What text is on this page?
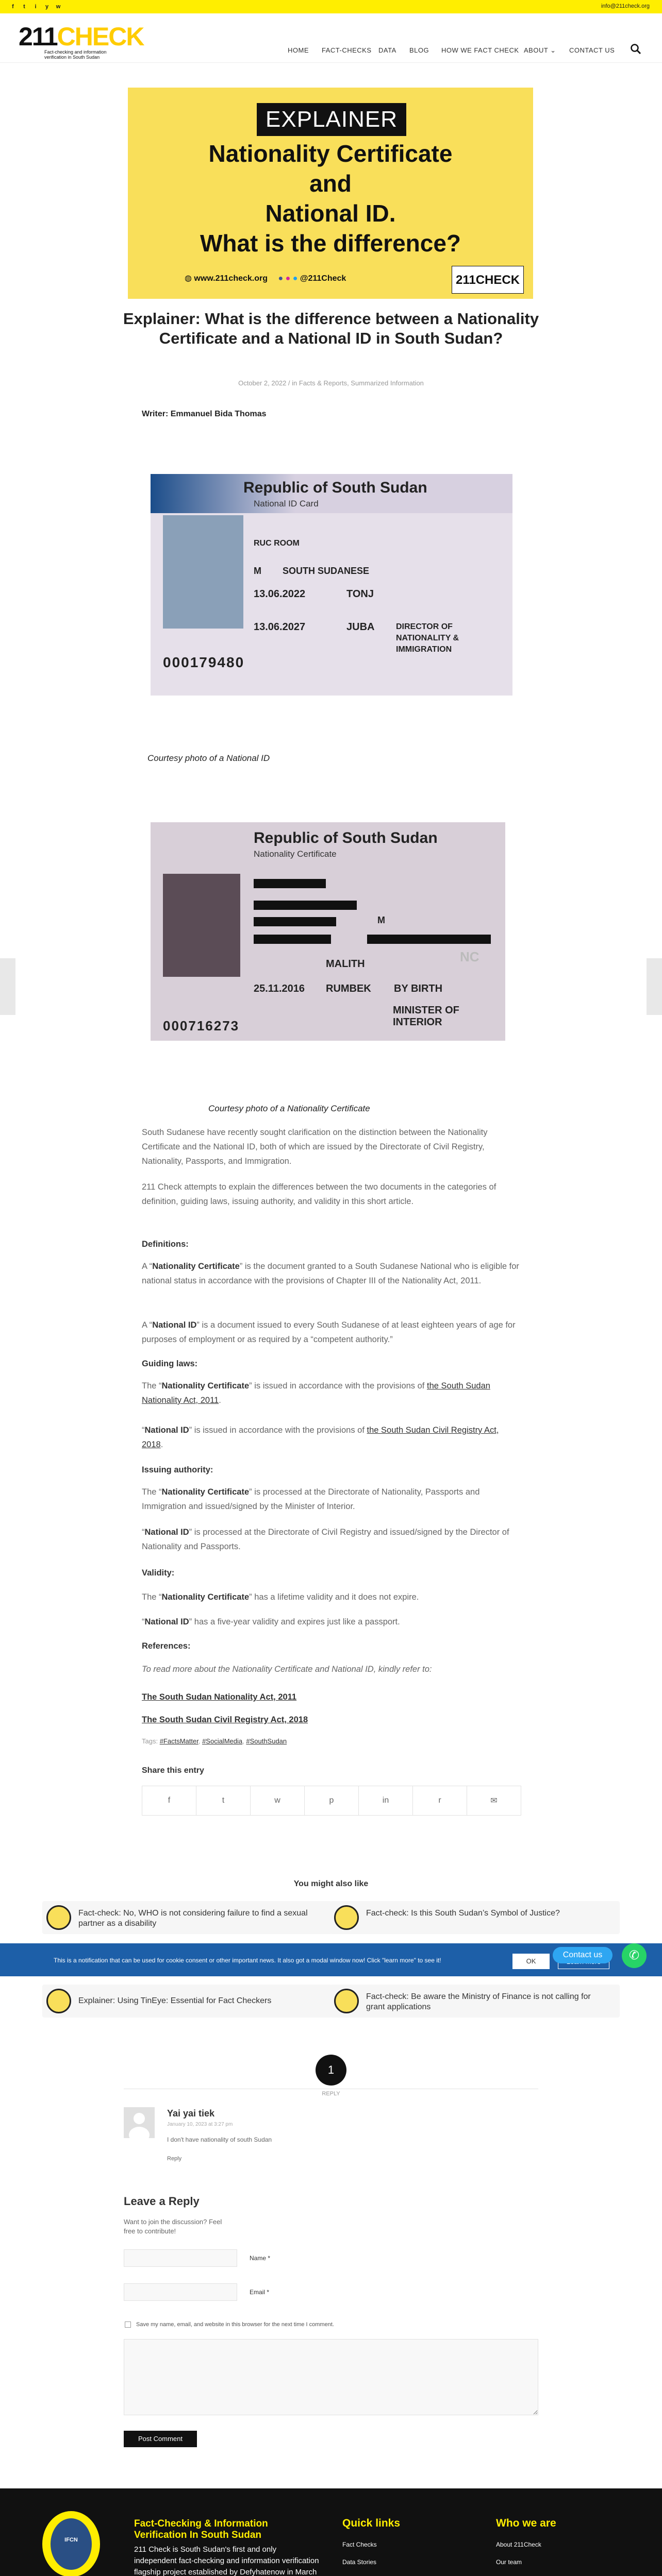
f	t	i	y	w	info@211check.org
211CHECK
Fact-checking and information verification in South Sudan
HOME FACT-CHECKS DATA BLOG HOW WE FACT CHECK ABOUT ⌄ CONTACT US
EXPLAINER
Nationality Certificate
and
National ID.
What is the difference?
◍ www.211check.org ● ● ● @211Check	211CHECK
Explainer: What is the difference between a Nationality Certificate and a National ID in South Sudan?
October 2, 2022 / in Facts & Reports, Summarized Information
Writer: Emmanuel Bida Thomas
Republic of South Sudan
National ID Card
RUC ROOM
M SOUTH SUDANESE
13.06.2022	TONJ
13.06.2027	JUBA	DIRECTOR OF NATIONALITY & IMMIGRATION
000179480
Courtesy photo of a National ID
Republic of South Sudan
Nationality Certificate
M
NC
MALITH
25.11.2016 RUMBEK BY BIRTH
MINISTER OF INTERIOR
000716273
Courtesy photo of a Nationality Certificate

South Sudanese have recently sought clarification on the distinction between the Nationality Certificate and the National ID, both of which are issued by the Directorate of Civil Registry, Nationality, Passports, and Immigration.

211 Check attempts to explain the differences between the two documents in the categories of definition, guiding laws, issuing authority, and validity in this short article.

Definitions:

A “Nationality Certificate” is the document granted to a South Sudanese National who is eligible for national status in accordance with the provisions of Chapter III of the Nationality Act, 2011.

A “National ID” is a document issued to every South Sudanese of at least eighteen years of age for purposes of employment or as required by a “competent authority.”

Guiding laws:

The “Nationality Certificate” is issued in accordance with the provisions of the South Sudan Nationality Act, 2011.

“National ID” is issued in accordance with the provisions of the South Sudan Civil Registry Act, 2018.

Issuing authority:

The “Nationality Certificate” is processed at the Directorate of Nationality, Passports and Immigration and issued/signed by the Minister of Interior.

“National ID” is processed at the Directorate of Civil Registry and issued/signed by the Director of Nationality and Passports.

Validity:

The “Nationality Certificate” has a lifetime validity and it does not expire.

“National ID” has a five-year validity and expires just like a passport.

References:

To read more about the Nationality Certificate and National ID, kindly refer to:

The South Sudan Nationality Act, 2011
The South Sudan Civil Registry Act, 2018
Tags: #FactsMatter, #SocialMedia, #SouthSudan
Share this entry
f	t	w	p	in	r	✉
You might also like
Fact-check: No, WHO is not considering failure to find a sexual partner as a disability
Fact-check: Is this South Sudan’s Symbol of Justice?
Explainer: Using TinEye: Essential for Fact Checkers	Fact-check: Be aware the Ministry of Finance is not calling for grant applications
This is a notification that can be used for cookie consent or other important news. It also got a modal window now! Click "learn more" to see it!	OK
Contact us	✆
1
REPLY
Yai yai tiek
January 10, 2023 at 3:27 pm
I don't have nationality of south Sudan
Reply
Leave a Reply
Want to join the discussion? Feel free to contribute!
Name *
Email *
Save my name, email, and website in this browser for the next time I comment.
Post Comment
IFCN
Fact-Checking & Information Verification In South Sudan
211 Check is South Sudan's first and only independent fact-checking and information verification flagship project established by Defyhatenow in March
Quick links
Fact Checks
Data Stories
Who we are
About 211Check
Our team
